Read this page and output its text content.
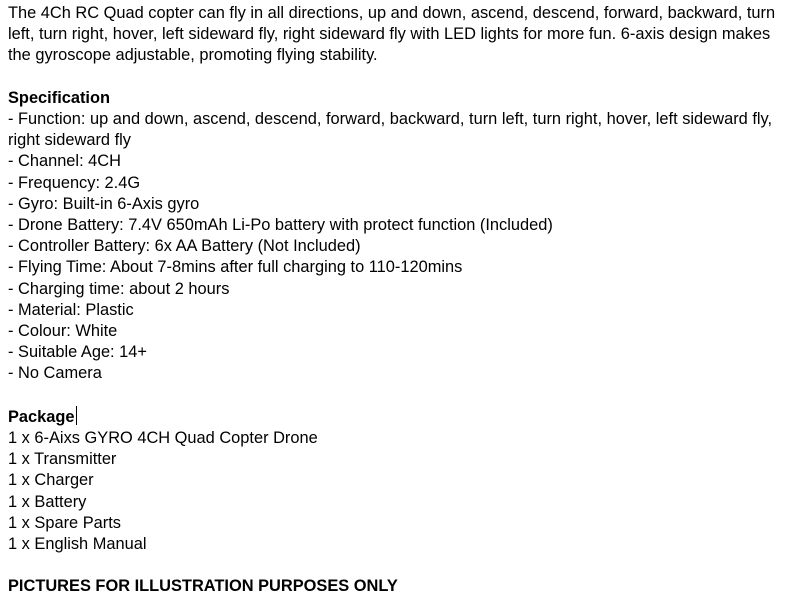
The 4Ch RC Quad copter can fly in all directions, up and down, ascend, descend, forward, backward, turn left, turn right, hover, left sideward fly, right sideward fly with LED lights for more fun. 6-axis design makes the gyroscope adjustable, promoting flying stability.

Specification

- Function: up and down, ascend, descend, forward, backward, turn left, turn right, hover, left sideward fly, right sideward fly

- Channel: 4CH

- Frequency: 2.4G

- Gyro: Built-in 6-Axis gyro

- Drone Battery: 7.4V 650mAh Li-Po battery with protect function (Included)

- Controller Battery: 6x AA Battery (Not Included)

- Flying Time: About 7-8mins after full charging to 110-120mins

- Charging time: about 2 hours

- Material: Plastic

- Colour: White

- Suitable Age: 14+

- No Camera

Package

1 x 6-Aixs GYRO 4CH Quad Copter Drone

1 x Transmitter

1 x Charger

1 x Battery

1 x Spare Parts

1 x English Manual

PICTURES FOR ILLUSTRATION PURPOSES ONLY
